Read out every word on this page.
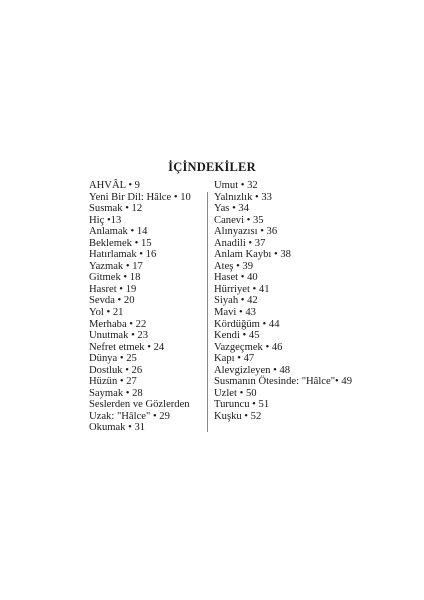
İÇİNDEKİLER
AHVÂL • 9
Yeni Bir Dil: Hâlce • 10
Susmak • 12
Hiç •13
Anlamak • 14
Beklemek • 15
Hatırlamak • 16
Yazmak • 17
Gitmek • 18
Hasret • 19
Sevda • 20
Yol • 21
Merhaba • 22
Unutmak • 23
Nefret etmek • 24
Dünya • 25
Dostluk • 26
Hüzün • 27
Saymak • 28
Seslerden ve Gözlerden Uzak: "Hâlce" • 29
Okumak • 31
Umut • 32
Yalnızlık • 33
Yas • 34
Canevi • 35
Alınyazısı • 36
Anadili • 37
Anlam Kaybı • 38
Ateş • 39
Haset • 40
Hürriyet • 41
Siyah • 42
Mavi • 43
Kördüğüm • 44
Kendi • 45
Vazgeçmek • 46
Kapı • 47
Alevgizleyen • 48
Susmanın Ötesinde: "Hâlce"• 49
Uzlet • 50
Turuncu • 51
Kuşku • 52
